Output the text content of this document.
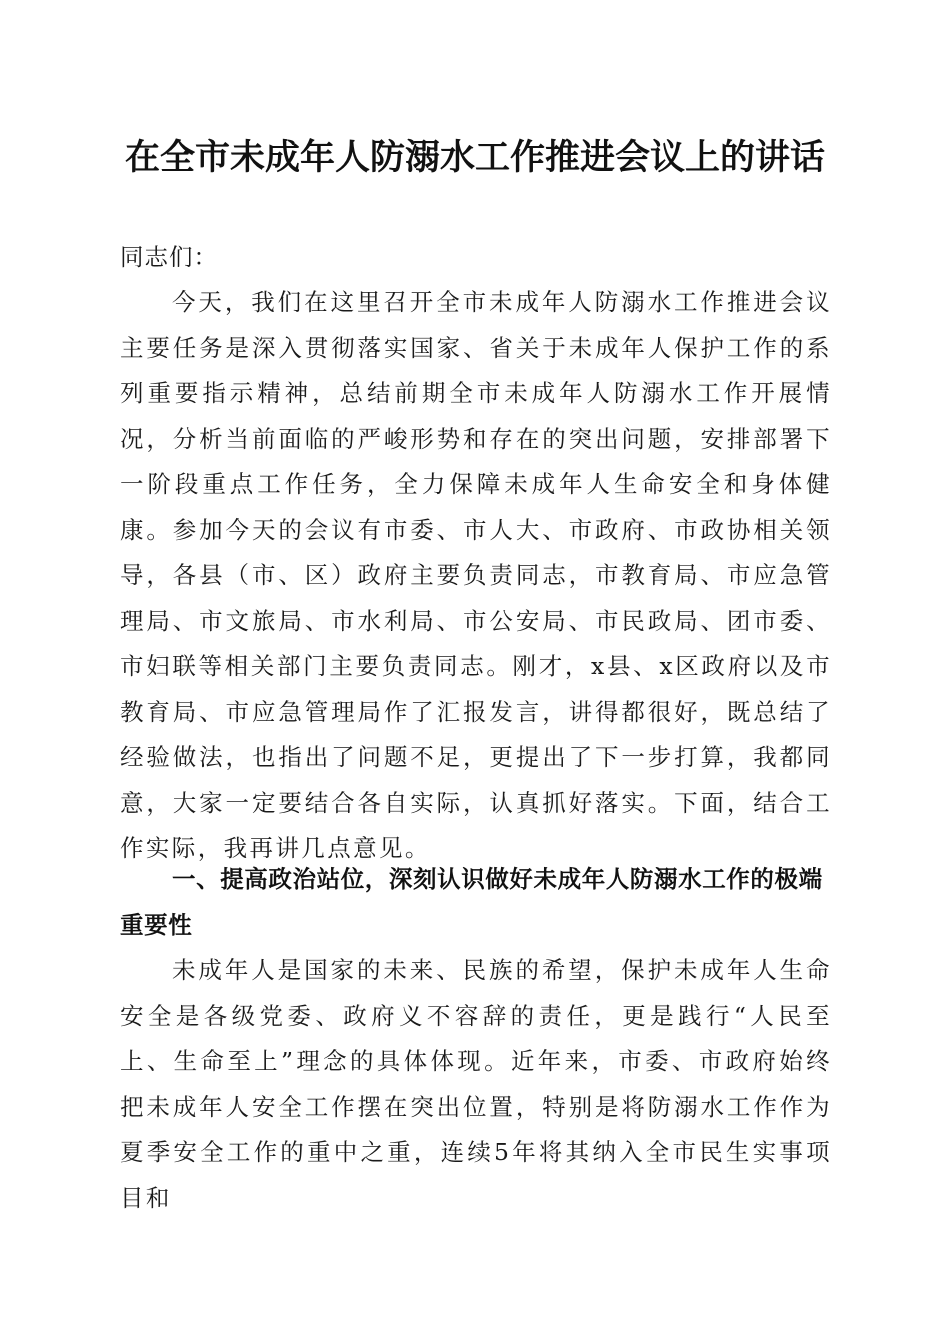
在全市未成年人防溺水工作推进会议上的讲话
同志们：
今天，我们在这里召开全市未成年人防溺水工作推进会议主要任务是深入贯彻落实国家、省关于未成年人保护工作的系列重要指示精神，总结前期全市未成年人防溺水工作开展情况，分析当前面临的严峻形势和存在的突出问题，安排部署下一阶段重点工作任务，全力保障未成年人生命安全和身体健康。参加今天的会议有市委、市人大、市政府、市政协相关领导，各县（市、区）政府主要负责同志，市教育局、市应急管理局、市文旅局、市水利局、市公安局、市民政局、团市委、市妇联等相关部门主要负责同志。刚才，x县、x区政府以及市教育局、市应急管理局作了汇报发言，讲得都很好，既总结了经验做法，也指出了问题不足，更提出了下一步打算，我都同意，大家一定要结合各自实际，认真抓好落实。下面，结合工作实际，我再讲几点意见。
一、提高政治站位，深刻认识做好未成年人防溺水工作的极端重要性
未成年人是国家的未来、民族的希望，保护未成年人生命安全是各级党委、政府义不容辞的责任，更是践行“人民至上、生命至上”理念的具体体现。近年来，市委、市政府始终把未成年人安全工作摆在突出位置，特别是将防溺水工作作为夏季安全工作的重中之重，连续5年将其纳入全市民生实事项目和
